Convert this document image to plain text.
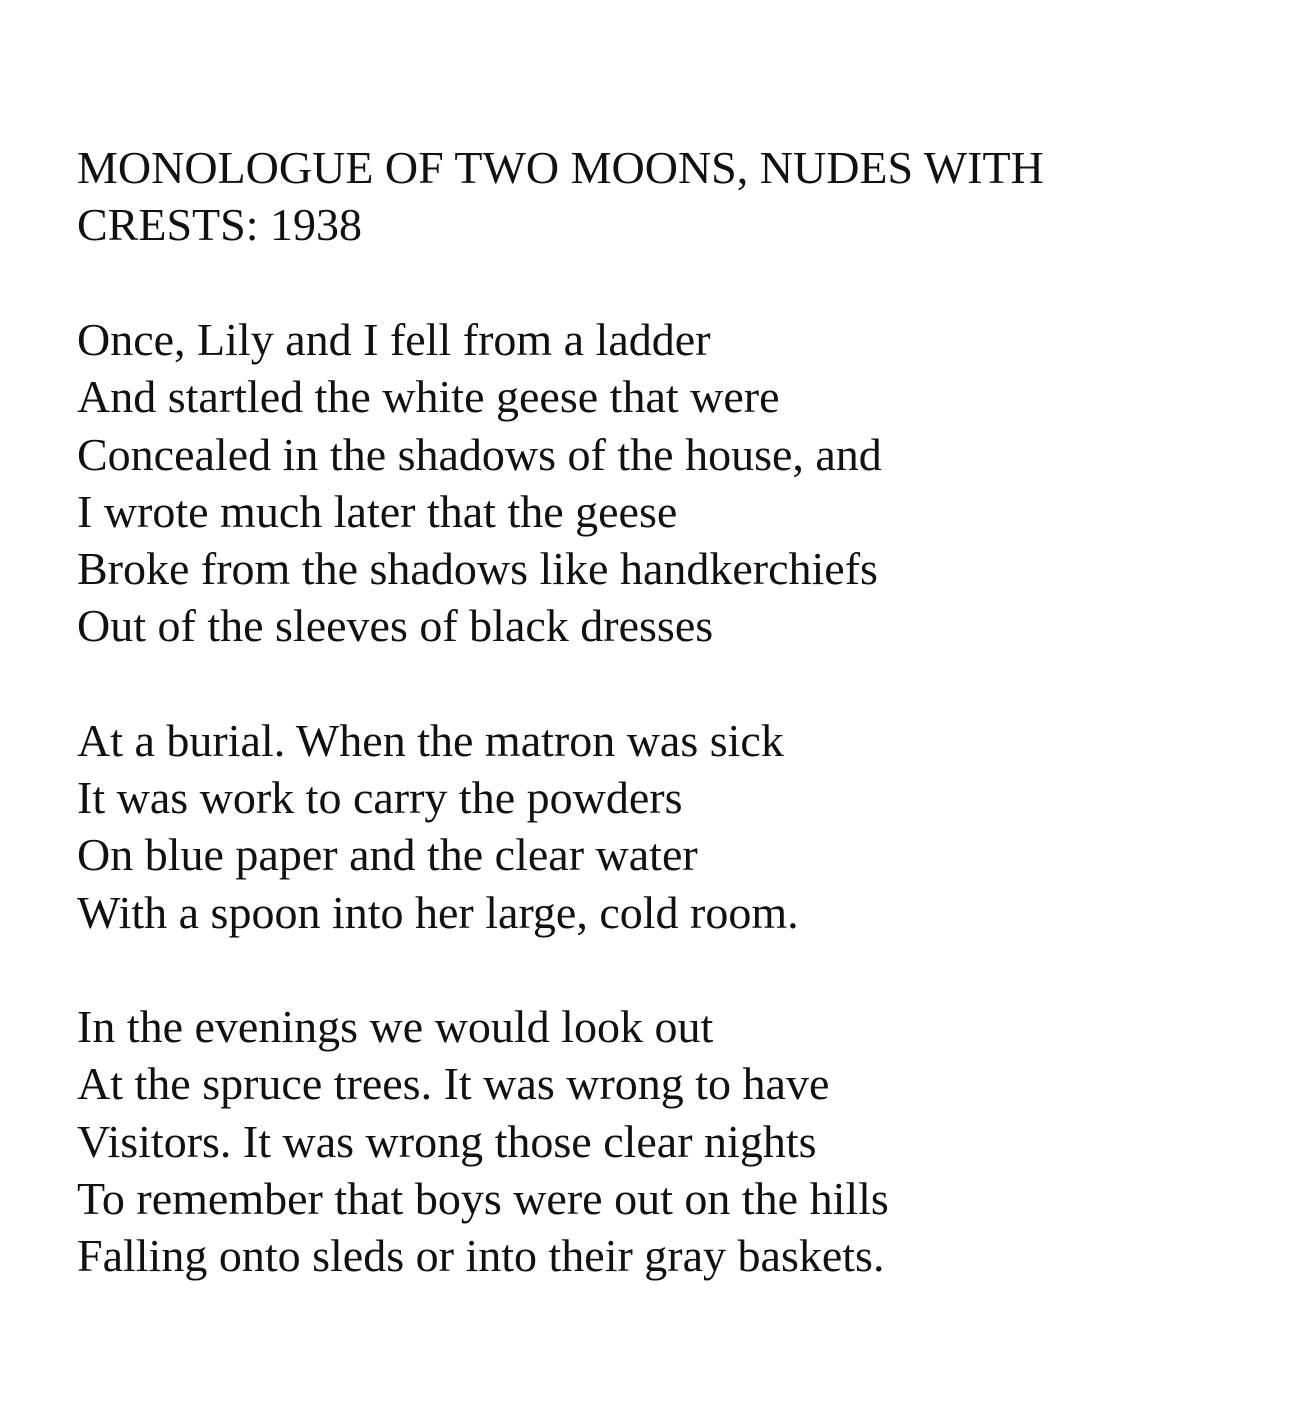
MONOLOGUE OF TWO MOONS, NUDES WITH
CRESTS: 1938

Once, Lily and I fell from a ladder
And startled the white geese that were
Concealed in the shadows of the house, and
I wrote much later that the geese
Broke from the shadows like handkerchiefs
Out of the sleeves of black dresses

At a burial. When the matron was sick
It was work to carry the powders
On blue paper and the clear water
With a spoon into her large, cold room.

In the evenings we would look out
At the spruce trees. It was wrong to have
Visitors. It was wrong those clear nights
To remember that boys were out on the hills
Falling onto sleds or into their gray baskets.
